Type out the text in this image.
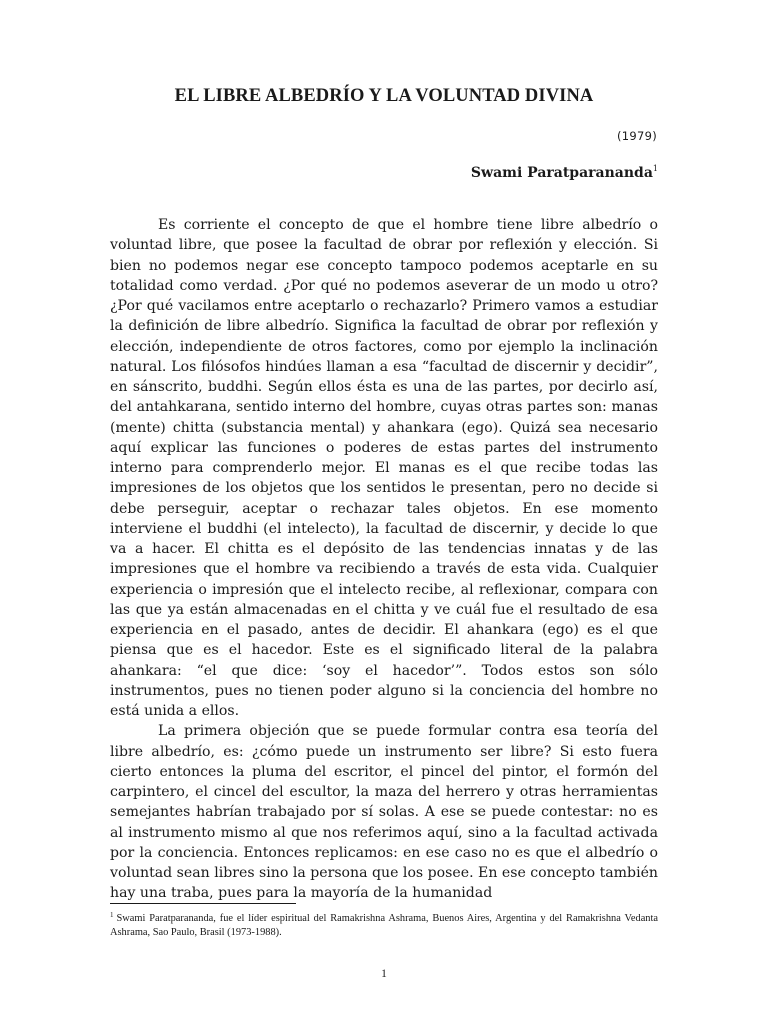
EL LIBRE ALBEDRÍO Y LA VOLUNTAD DIVINA
(1979)
Swami Paratparananda$^1$

Es corriente el concepto de que el hombre tiene libre albedrío o voluntad libre, que posee la facultad de obrar por reflexión y elección. Si bien no podemos negar ese concepto tampoco podemos aceptarle en su totalidad como verdad. ¿Por qué no podemos aseverar de un modo u otro? ¿Por qué vacilamos entre aceptarlo o rechazarlo? Primero vamos a estudiar la definición de libre albedrío. Significa la facultad de obrar por reflexión y elección, independiente de otros factores, como por ejemplo la inclinación natural. Los filósofos hindúes llaman a esa “facultad de discernir y decidir”, en sánscrito, buddhi. Según ellos ésta es una de las partes, por decirlo así, del antahkarana, sentido interno del hombre, cuyas otras partes son: manas (mente) chitta (substancia mental) y ahankara (ego). Quizá sea necesario aquí explicar las funciones o poderes de estas partes del instrumento interno para comprenderlo mejor. El manas es el que recibe todas las impresiones de los objetos que los sentidos le presentan, pero no decide si debe perseguir, aceptar o rechazar tales objetos. En ese momento interviene el buddhi (el intelecto), la facultad de discernir, y decide lo que va a hacer. El chitta es el depósito de las tendencias innatas y de las impresiones que el hombre va recibiendo a través de esta vida. Cualquier experiencia o impresión que el intelecto recibe, al reflexionar, compara con las que ya están almacenadas en el chitta y ve cuál fue el resultado de esa experiencia en el pasado, antes de decidir. El ahankara (ego) es el que piensa que es el hacedor. Este es el significado literal de la palabra ahankara: “el que dice: ‘soy el hacedor’”. Todos estos son sólo instrumentos, pues no tienen poder alguno si la conciencia del hombre no está unida a ellos.

La primera objeción que se puede formular contra esa teoría del libre albedrío, es: ¿cómo puede un instrumento ser libre? Si esto fuera cierto entonces la pluma del escritor, el pincel del pintor, el formón del carpintero, el cincel del escultor, la maza del herrero y otras herramientas semejantes habrían trabajado por sí solas. A ese se puede contestar: no es al instrumento mismo al que nos referimos aquí, sino a la facultad activada por la conciencia. Entonces replicamos: en ese caso no es que el albedrío o voluntad sean libres sino la persona que los posee. En ese concepto también hay una traba, pues para la mayoría de la humanidad

$^1$ Swami Paratparananda, fue el líder espiritual del Ramakrishna Ashrama, Buenos Aires, Argentina y del Ramakrishna Vedanta Ashrama, Sao Paulo, Brasil (1973-1988).
1
